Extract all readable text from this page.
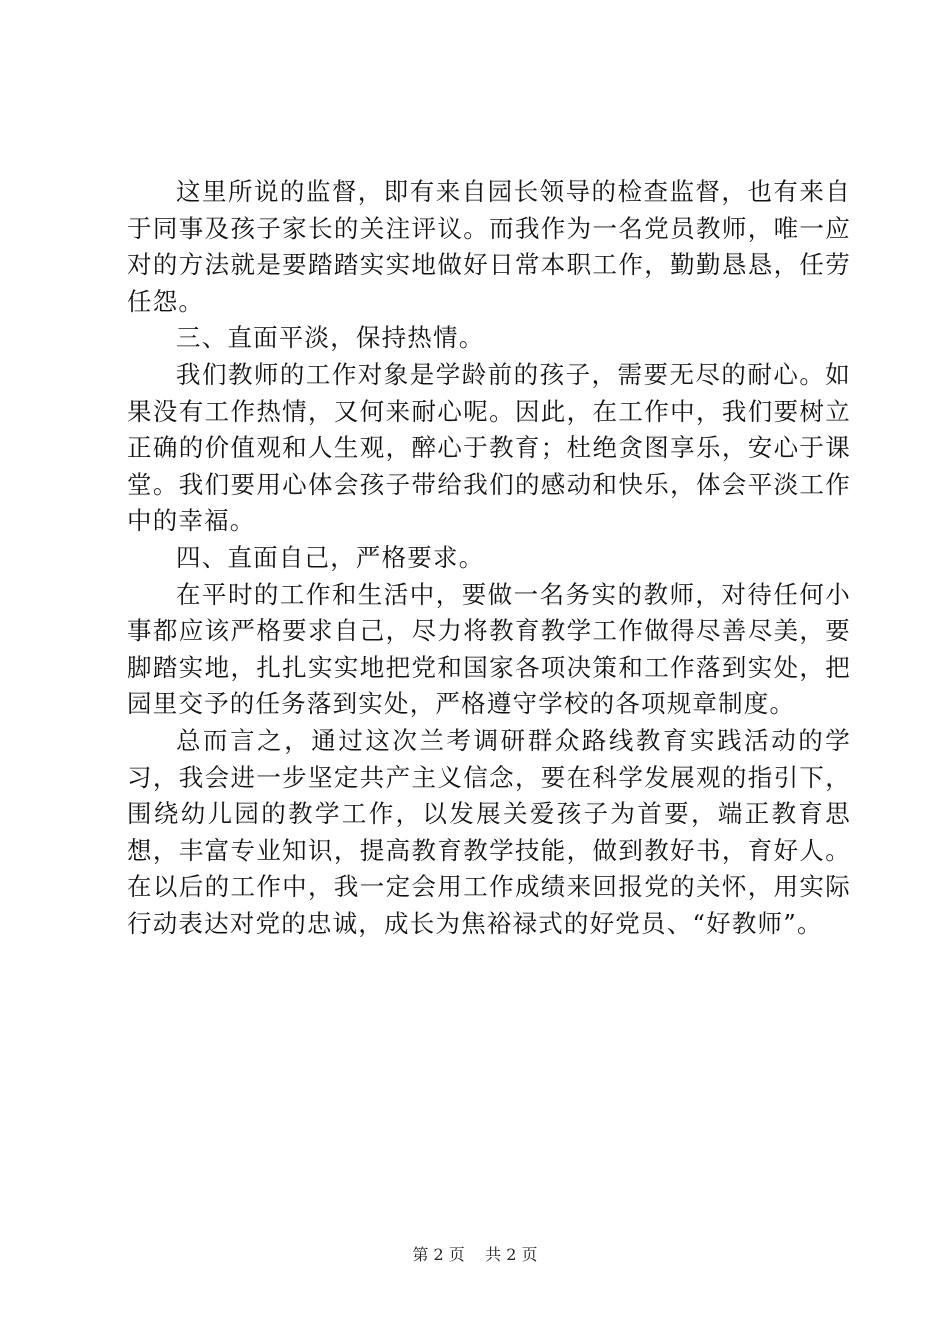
这里所说的监督，即有来自园长领导的检查监督，也有来自于同事及孩子家长的关注评议。而我作为一名党员教师，唯一应对的方法就是要踏踏实实地做好日常本职工作，勤勤恳恳，任劳任怨。

三、直面平淡，保持热情。

我们教师的工作对象是学龄前的孩子，需要无尽的耐心。如果没有工作热情，又何来耐心呢。因此，在工作中，我们要树立正确的价值观和人生观，醉心于教育；杜绝贪图享乐，安心于课堂。我们要用心体会孩子带给我们的感动和快乐，体会平淡工作中的幸福。

四、直面自己，严格要求。

在平时的工作和生活中，要做一名务实的教师，对待任何小事都应该严格要求自己，尽力将教育教学工作做得尽善尽美，要脚踏实地，扎扎实实地把党和国家各项决策和工作落到实处，把园里交予的任务落到实处，严格遵守学校的各项规章制度。

总而言之，通过这次兰考调研群众路线教育实践活动的学习，我会进一步坚定共产主义信念，要在科学发展观的指引下，围绕幼儿园的教学工作，以发展关爱孩子为首要，端正教育思想，丰富专业知识，提高教育教学技能，做到教好书，育好人。在以后的工作中，我一定会用工作成绩来回报党的关怀，用实际行动表达对党的忠诚，成长为焦裕禄式的好党员、“好教师”。

第 2 页 共 2 页
